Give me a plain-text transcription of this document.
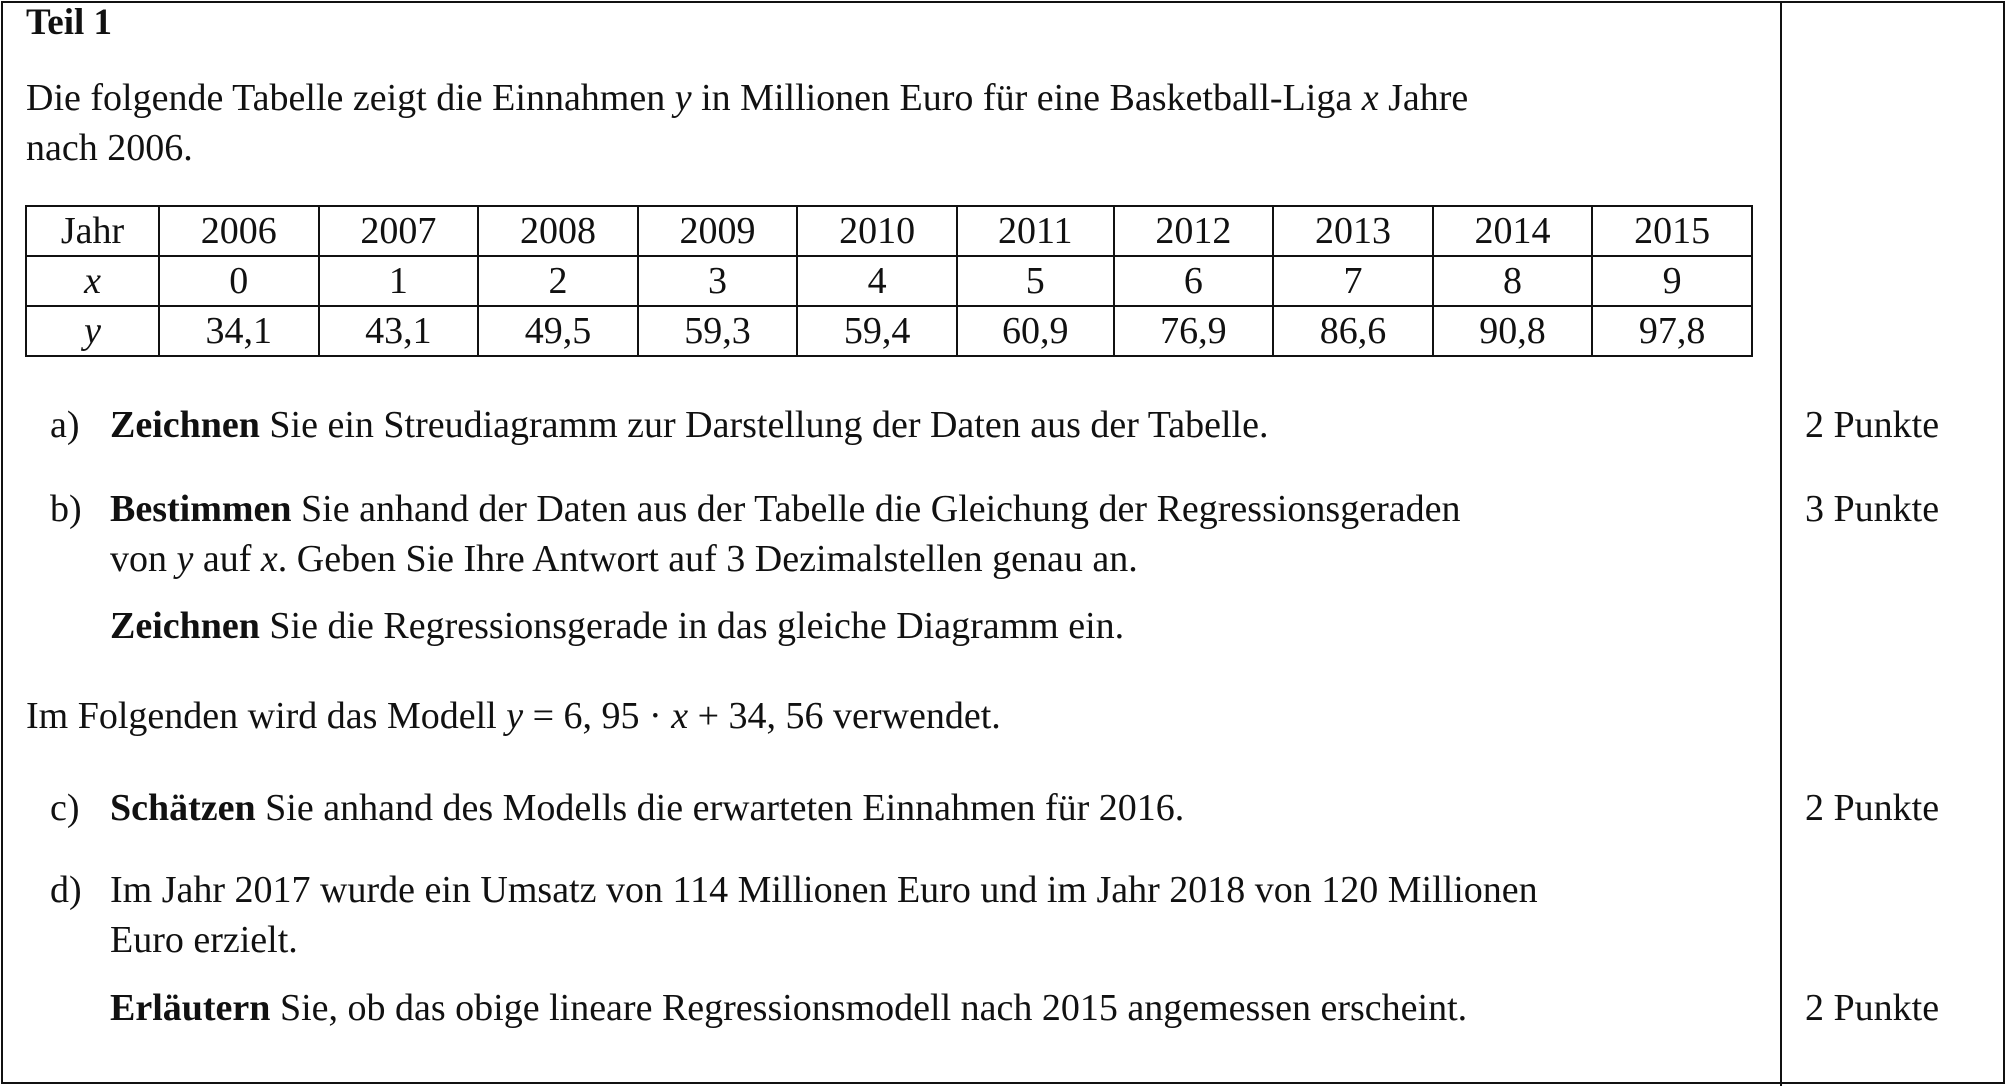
Teil 1
Die folgende Tabelle zeigt die Einnahmen y in Millionen Euro für eine Basketball-Liga x Jahre
nach 2006.
Jahr	2006	2007	2008	2009	2010	2011	2012	2013	2014	2015
x	0	1	2	3	4	5	6	7	8	9
y	34,1	43,1	49,5	59,3	59,4	60,9	76,9	86,6	90,8	97,8
a) Zeichnen Sie ein Streudiagramm zur Darstellung der Daten aus der Tabelle.	2 Punkte
b) Bestimmen Sie anhand der Daten aus der Tabelle die Gleichung der Regressionsgeraden
von y auf x. Geben Sie Ihre Antwort auf 3 Dezimalstellen genau an.
Zeichnen Sie die Regressionsgerade in das gleiche Diagramm ein.
3 Punkte
Im Folgenden wird das Modell y = 6, 95 · x + 34, 56 verwendet.
c) Schätzen Sie anhand des Modells die erwarteten Einnahmen für 2016.	2 Punkte
d) Im Jahr 2017 wurde ein Umsatz von 114 Millionen Euro und im Jahr 2018 von 120 Millionen
Euro erzielt.
Erläutern Sie, ob das obige lineare Regressionsmodell nach 2015 angemessen erscheint.	2 Punkte
